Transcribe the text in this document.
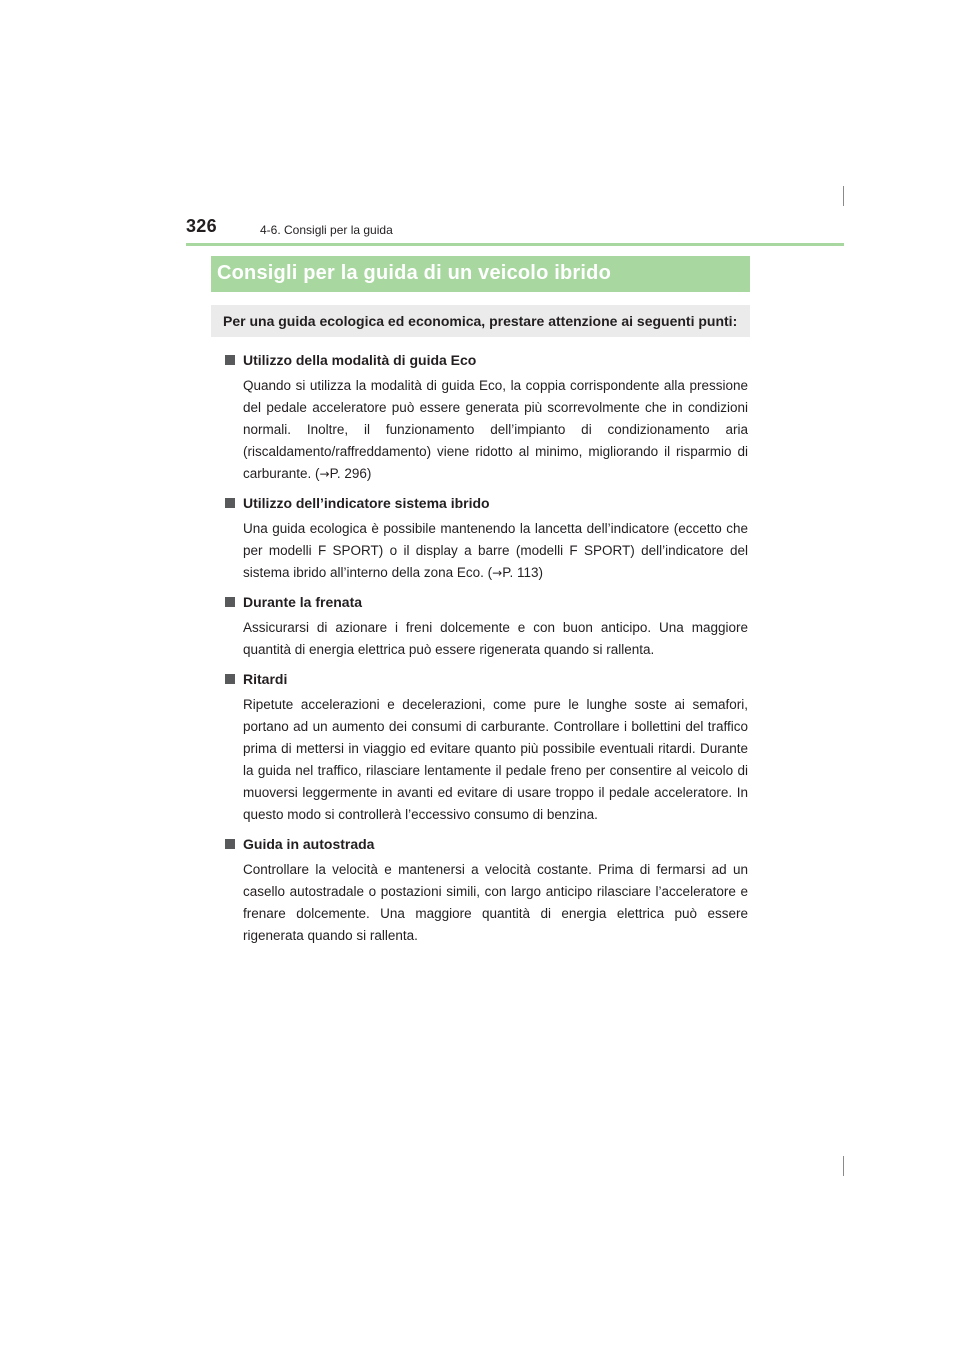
326	4-6. Consigli per la guida
Consigli per la guida di un veicolo ibrido
Per una guida ecologica ed economica, prestare attenzione ai seguenti punti:
Utilizzo della modalità di guida Eco
Quando si utilizza la modalità di guida Eco, la coppia corrispondente alla pressione del pedale acceleratore può essere generata più scorrevolmente che in condizioni normali. Inoltre, il funzionamento dell’impianto di condizionamento aria (riscaldamento/raffreddamento) viene ridotto al minimo, migliorando il risparmio di carburante. (→P. 296)
Utilizzo dell’indicatore sistema ibrido
Una guida ecologica è possibile mantenendo la lancetta dell’indicatore (eccetto che per modelli F SPORT) o il display a barre (modelli F SPORT) dell’indicatore del sistema ibrido all’interno della zona Eco. (→P. 113)
Durante la frenata
Assicurarsi di azionare i freni dolcemente e con buon anticipo. Una maggiore quantità di energia elettrica può essere rigenerata quando si rallenta.
Ritardi
Ripetute accelerazioni e decelerazioni, come pure le lunghe soste ai semafori, portano ad un aumento dei consumi di carburante. Controllare i bollettini del traffico prima di mettersi in viaggio ed evitare quanto più possibile eventuali ritardi. Durante la guida nel traffico, rilasciare lentamente il pedale freno per consentire al veicolo di muoversi leggermente in avanti ed evitare di usare troppo il pedale acceleratore. In questo modo si controllerà l’eccessivo consumo di benzina.
Guida in autostrada
Controllare la velocità e mantenersi a velocità costante. Prima di fermarsi ad un casello autostradale o postazioni simili, con largo anticipo rilasciare l’acceleratore e frenare dolcemente. Una maggiore quantità di energia elettrica può essere rigenerata quando si rallenta.
